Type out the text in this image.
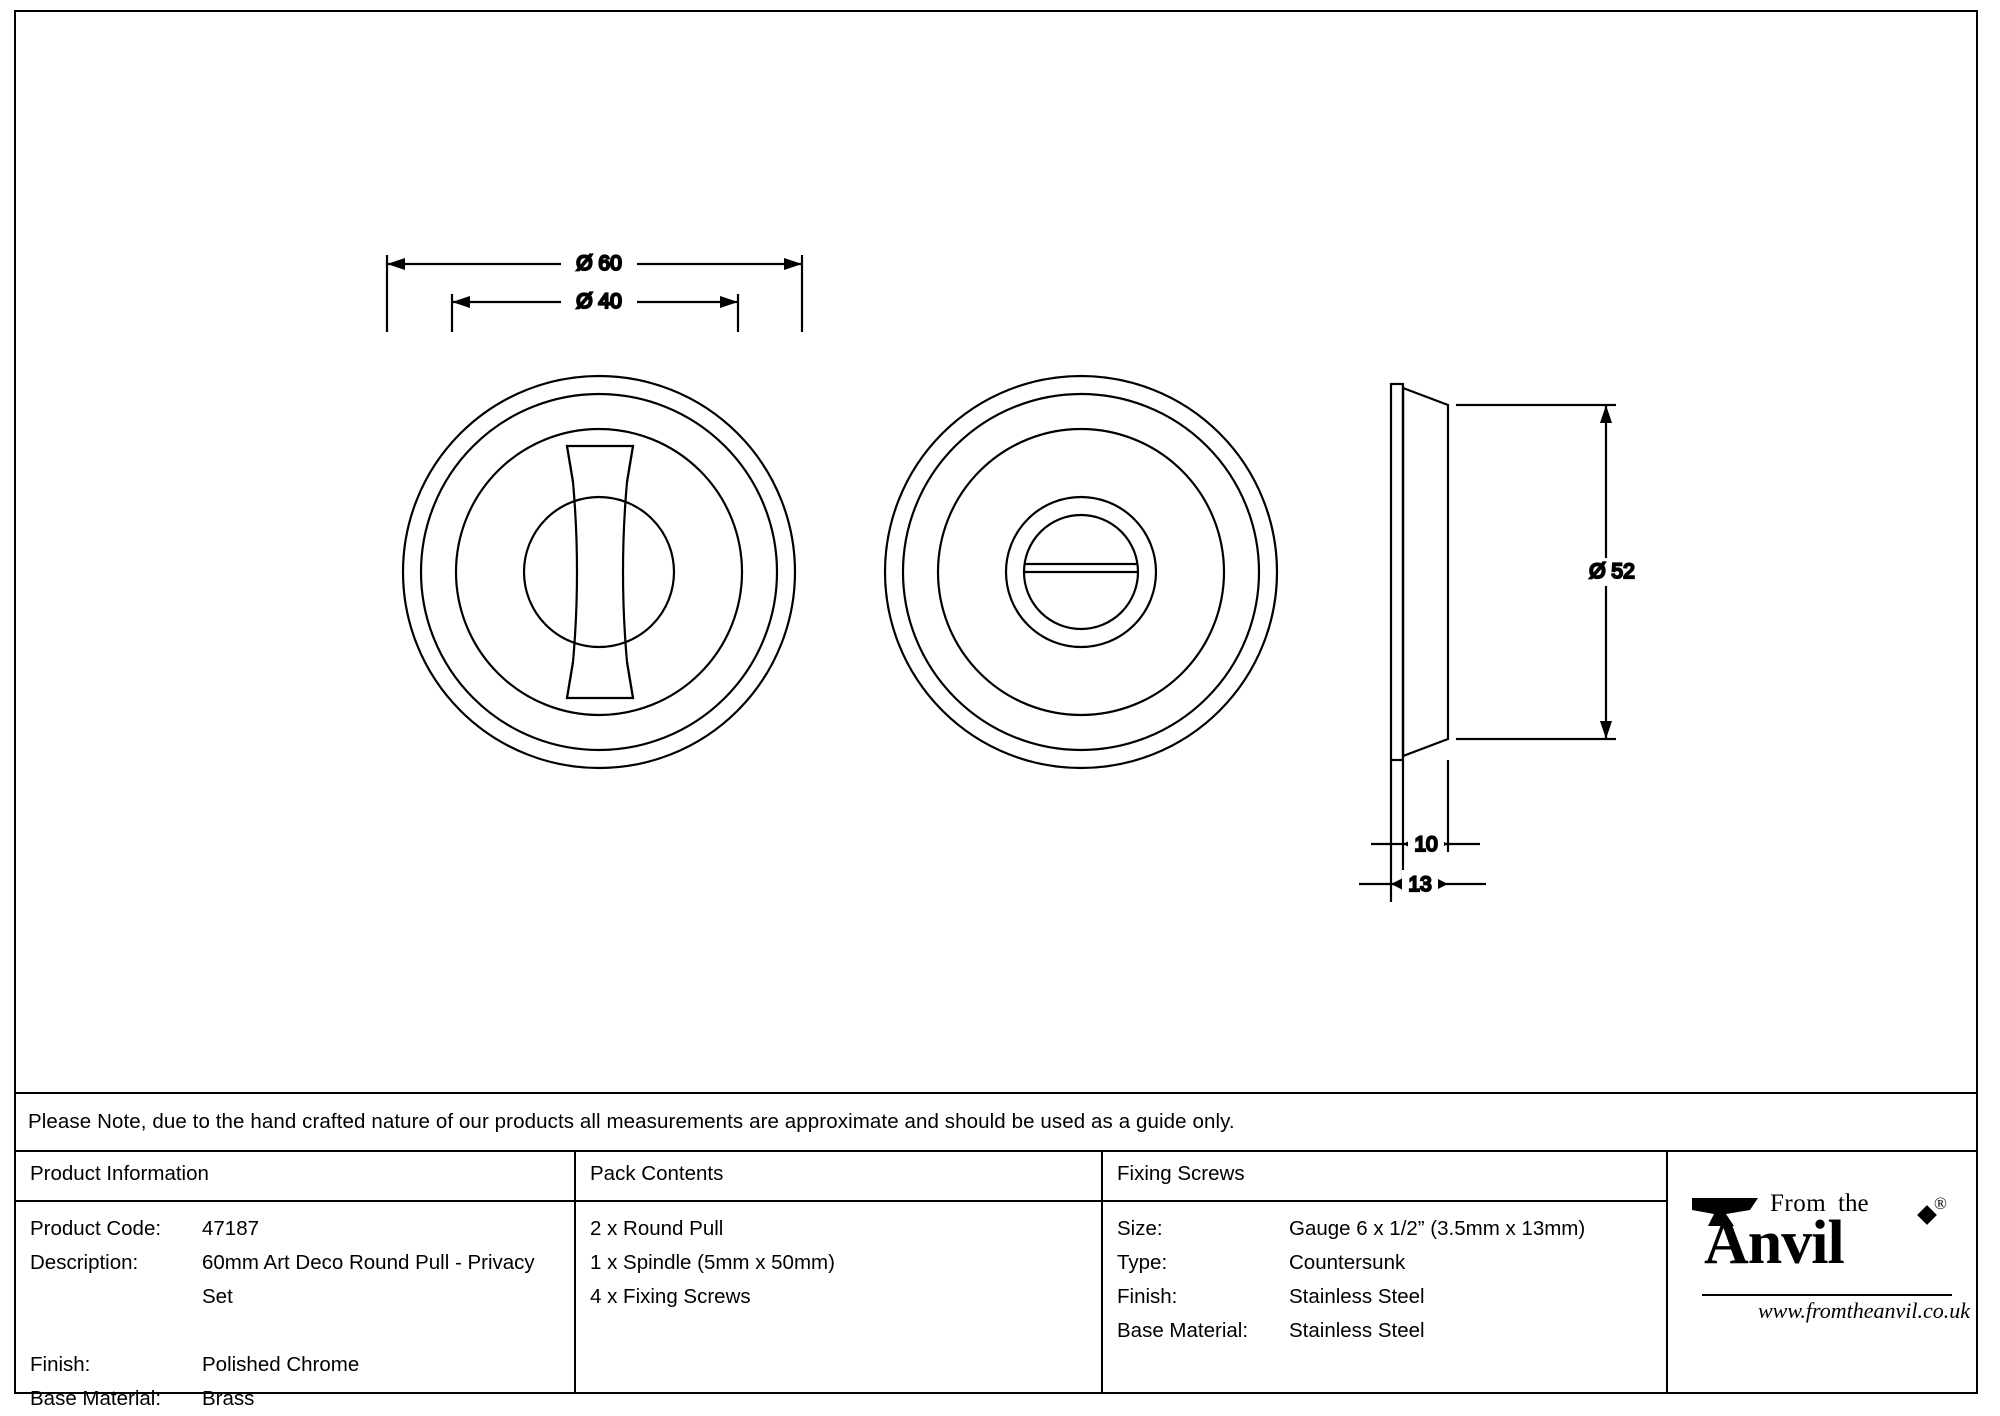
Ø 60
Ø 40
Ø 52
10
13
Please Note, due to the hand crafted nature of our products all measurements are approximate and should be used as a guide only.
Product Information
Product Code:	47187
Description:	60mm Art Deco Round Pull - Privacy Set
Finish:	Polished Chrome
Base Material:	Brass
Pack Contents
2 x Round Pull
1 x Spindle (5mm x 50mm)
4 x Fixing Screws
Fixing Screws
Size:	Gauge 6 x 1/2” (3.5mm x 13mm)
Type:	Countersunk
Finish:	Stainless Steel
Base Material:	Stainless Steel
From the	®
Anvil
www.fromtheanvil.co.uk
